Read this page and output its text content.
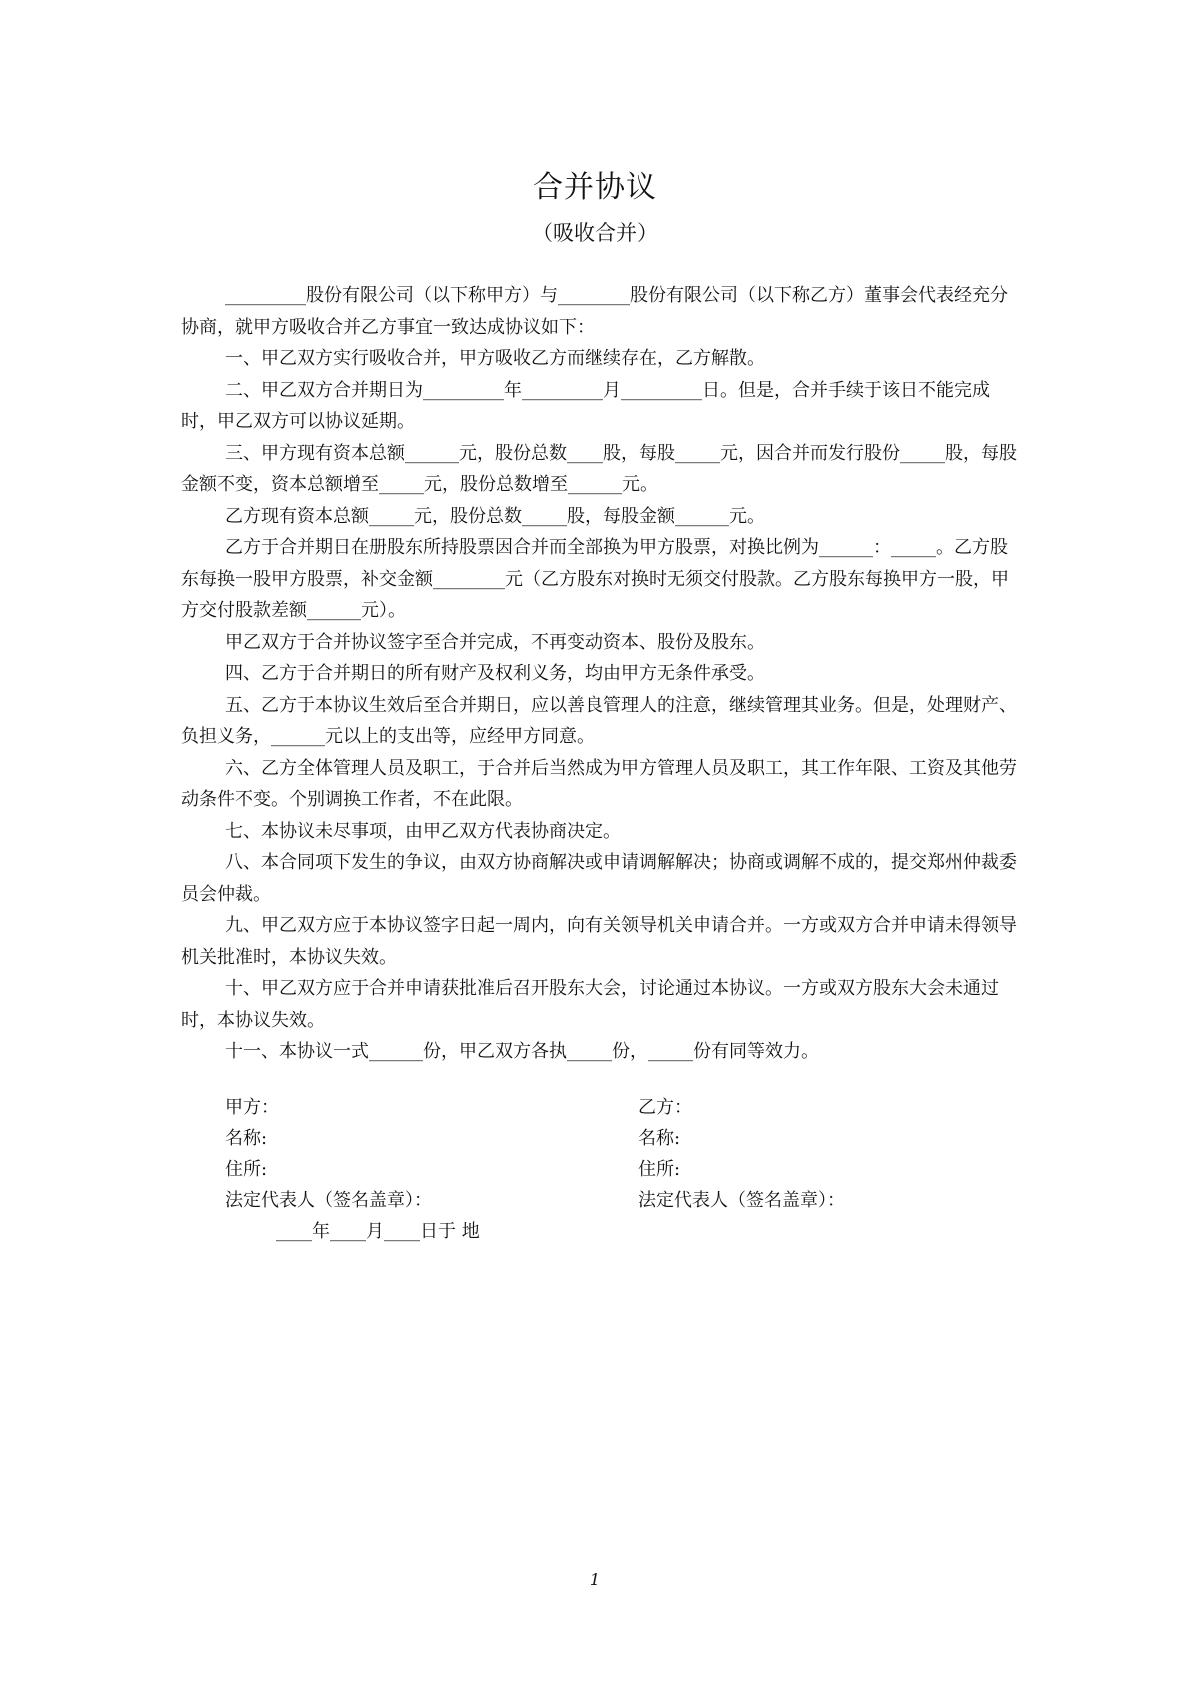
合并协议
（吸收合并）

_________股份有限公司（以下称甲方）与________股份有限公司（以下称乙方）董事会代表经充分协商，就甲方吸收合并乙方事宜一致达成协议如下：

一、甲乙双方实行吸收合并，甲方吸收乙方而继续存在，乙方解散。

二、甲乙双方合并期日为_________年_________月_________日。但是，合并手续于该日不能完成时，甲乙双方可以协议延期。

三、甲方现有资本总额______元，股份总数____股，每股_____元，因合并而发行股份_____股，每股金额不变，资本总额增至_____元，股份总数增至______元。

乙方现有资本总额_____元，股份总数_____股，每股金额______元。

乙方于合并期日在册股东所持股票因合并而全部换为甲方股票，对换比例为______：_____。乙方股东每换一股甲方股票，补交金额________元（乙方股东对换时无须交付股款。乙方股东每换甲方一股，甲方交付股款差额______元）。

甲乙双方于合并协议签字至合并完成，不再变动资本、股份及股东。

四、乙方于合并期日的所有财产及权利义务，均由甲方无条件承受。

五、乙方于本协议生效后至合并期日，应以善良管理人的注意，继续管理其业务。但是，处理财产、负担义务，______元以上的支出等，应经甲方同意。

六、乙方全体管理人员及职工，于合并后当然成为甲方管理人员及职工，其工作年限、工资及其他劳动条件不变。个别调换工作者，不在此限。

七、本协议未尽事项，由甲乙双方代表协商决定。

八、本合同项下发生的争议，由双方协商解决或申请调解解决；协商或调解不成的，提交郑州仲裁委员会仲裁。

九、甲乙双方应于本协议签字日起一周内，向有关领导机关申请合并。一方或双方合并申请未得领导机关批准时，本协议失效。

十、甲乙双方应于合并申请获批准后召开股东大会，讨论通过本协议。一方或双方股东大会未通过时，本协议失效。

十一、本协议一式______份，甲乙双方各执_____份，_____份有同等效力。

甲方：
名称:
住所:
法定代表人（签名盖章）：
乙方：
名称:
住所:
法定代表人（签名盖章）：
____年____月____日于 地
1
